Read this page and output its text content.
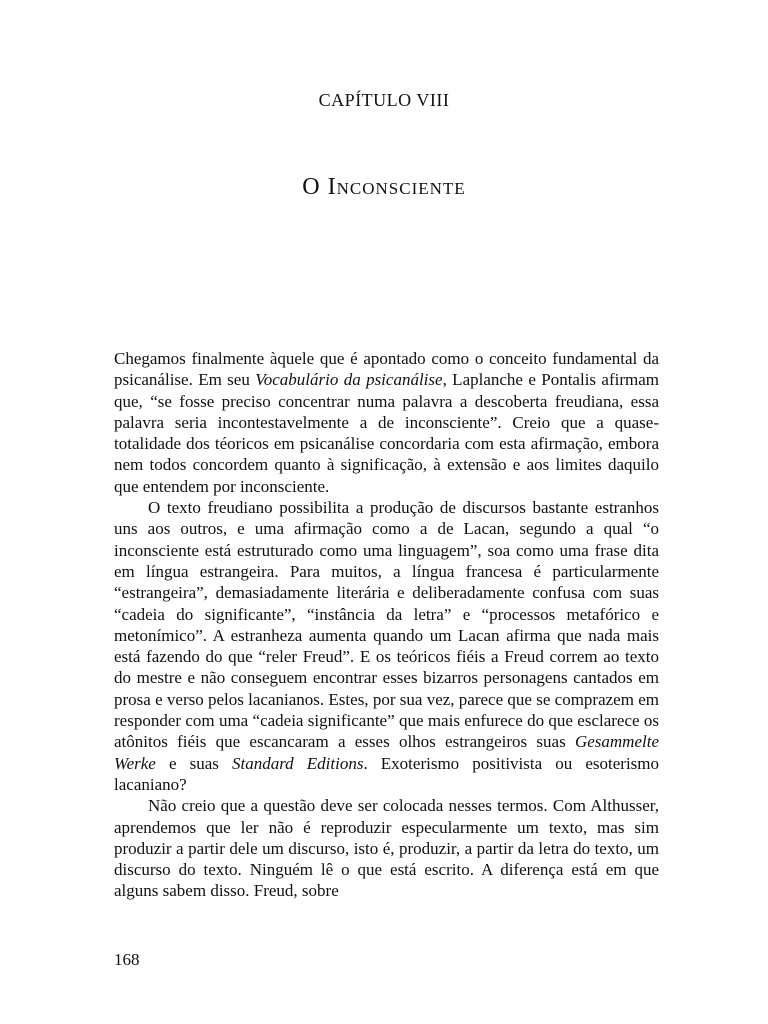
CAPÍTULO VIII
O Inconsciente

Chegamos finalmente àquele que é apontado como o conceito fundamental da psicanálise. Em seu Vocabulário da psicanálise, Laplanche e Pontalis afirmam que, “se fosse preciso concentrar numa palavra a descoberta freudiana, essa palavra seria incontestavelmente a de inconsciente”. Creio que a quase-totalidade dos téoricos em psicanálise concordaria com esta afirmação, embora nem todos concordem quanto à significação, à extensão e aos limites daquilo que entendem por inconsciente.

O texto freudiano possibilita a produção de discursos bastante estranhos uns aos outros, e uma afirmação como a de Lacan, segundo a qual “o inconsciente está estruturado como uma linguagem”, soa como uma frase dita em língua estrangeira. Para muitos, a língua francesa é particularmente “estrangeira”, demasiadamente literária e deliberadamente confusa com suas “cadeia do significante”, “instância da letra” e “processos metafórico e metonímico”. A estranheza aumenta quando um Lacan afirma que nada mais está fazendo do que “reler Freud”. E os teóricos fiéis a Freud correm ao texto do mestre e não conseguem encontrar esses bizarros personagens cantados em prosa e verso pelos lacanianos. Estes, por sua vez, parece que se comprazem em responder com uma “cadeia significante” que mais enfurece do que esclarece os atônitos fiéis que escancaram a esses olhos estrangeiros suas Gesammelte Werke e suas Standard Editions. Exoterismo positivista ou esoterismo lacaniano?

Não creio que a questão deve ser colocada nesses termos. Com Althusser, aprendemos que ler não é reproduzir especularmente um texto, mas sim produzir a partir dele um discurso, isto é, produzir, a partir da letra do texto, um discurso do texto. Ninguém lê o que está escrito. A diferença está em que alguns sabem disso. Freud, sobre

168
